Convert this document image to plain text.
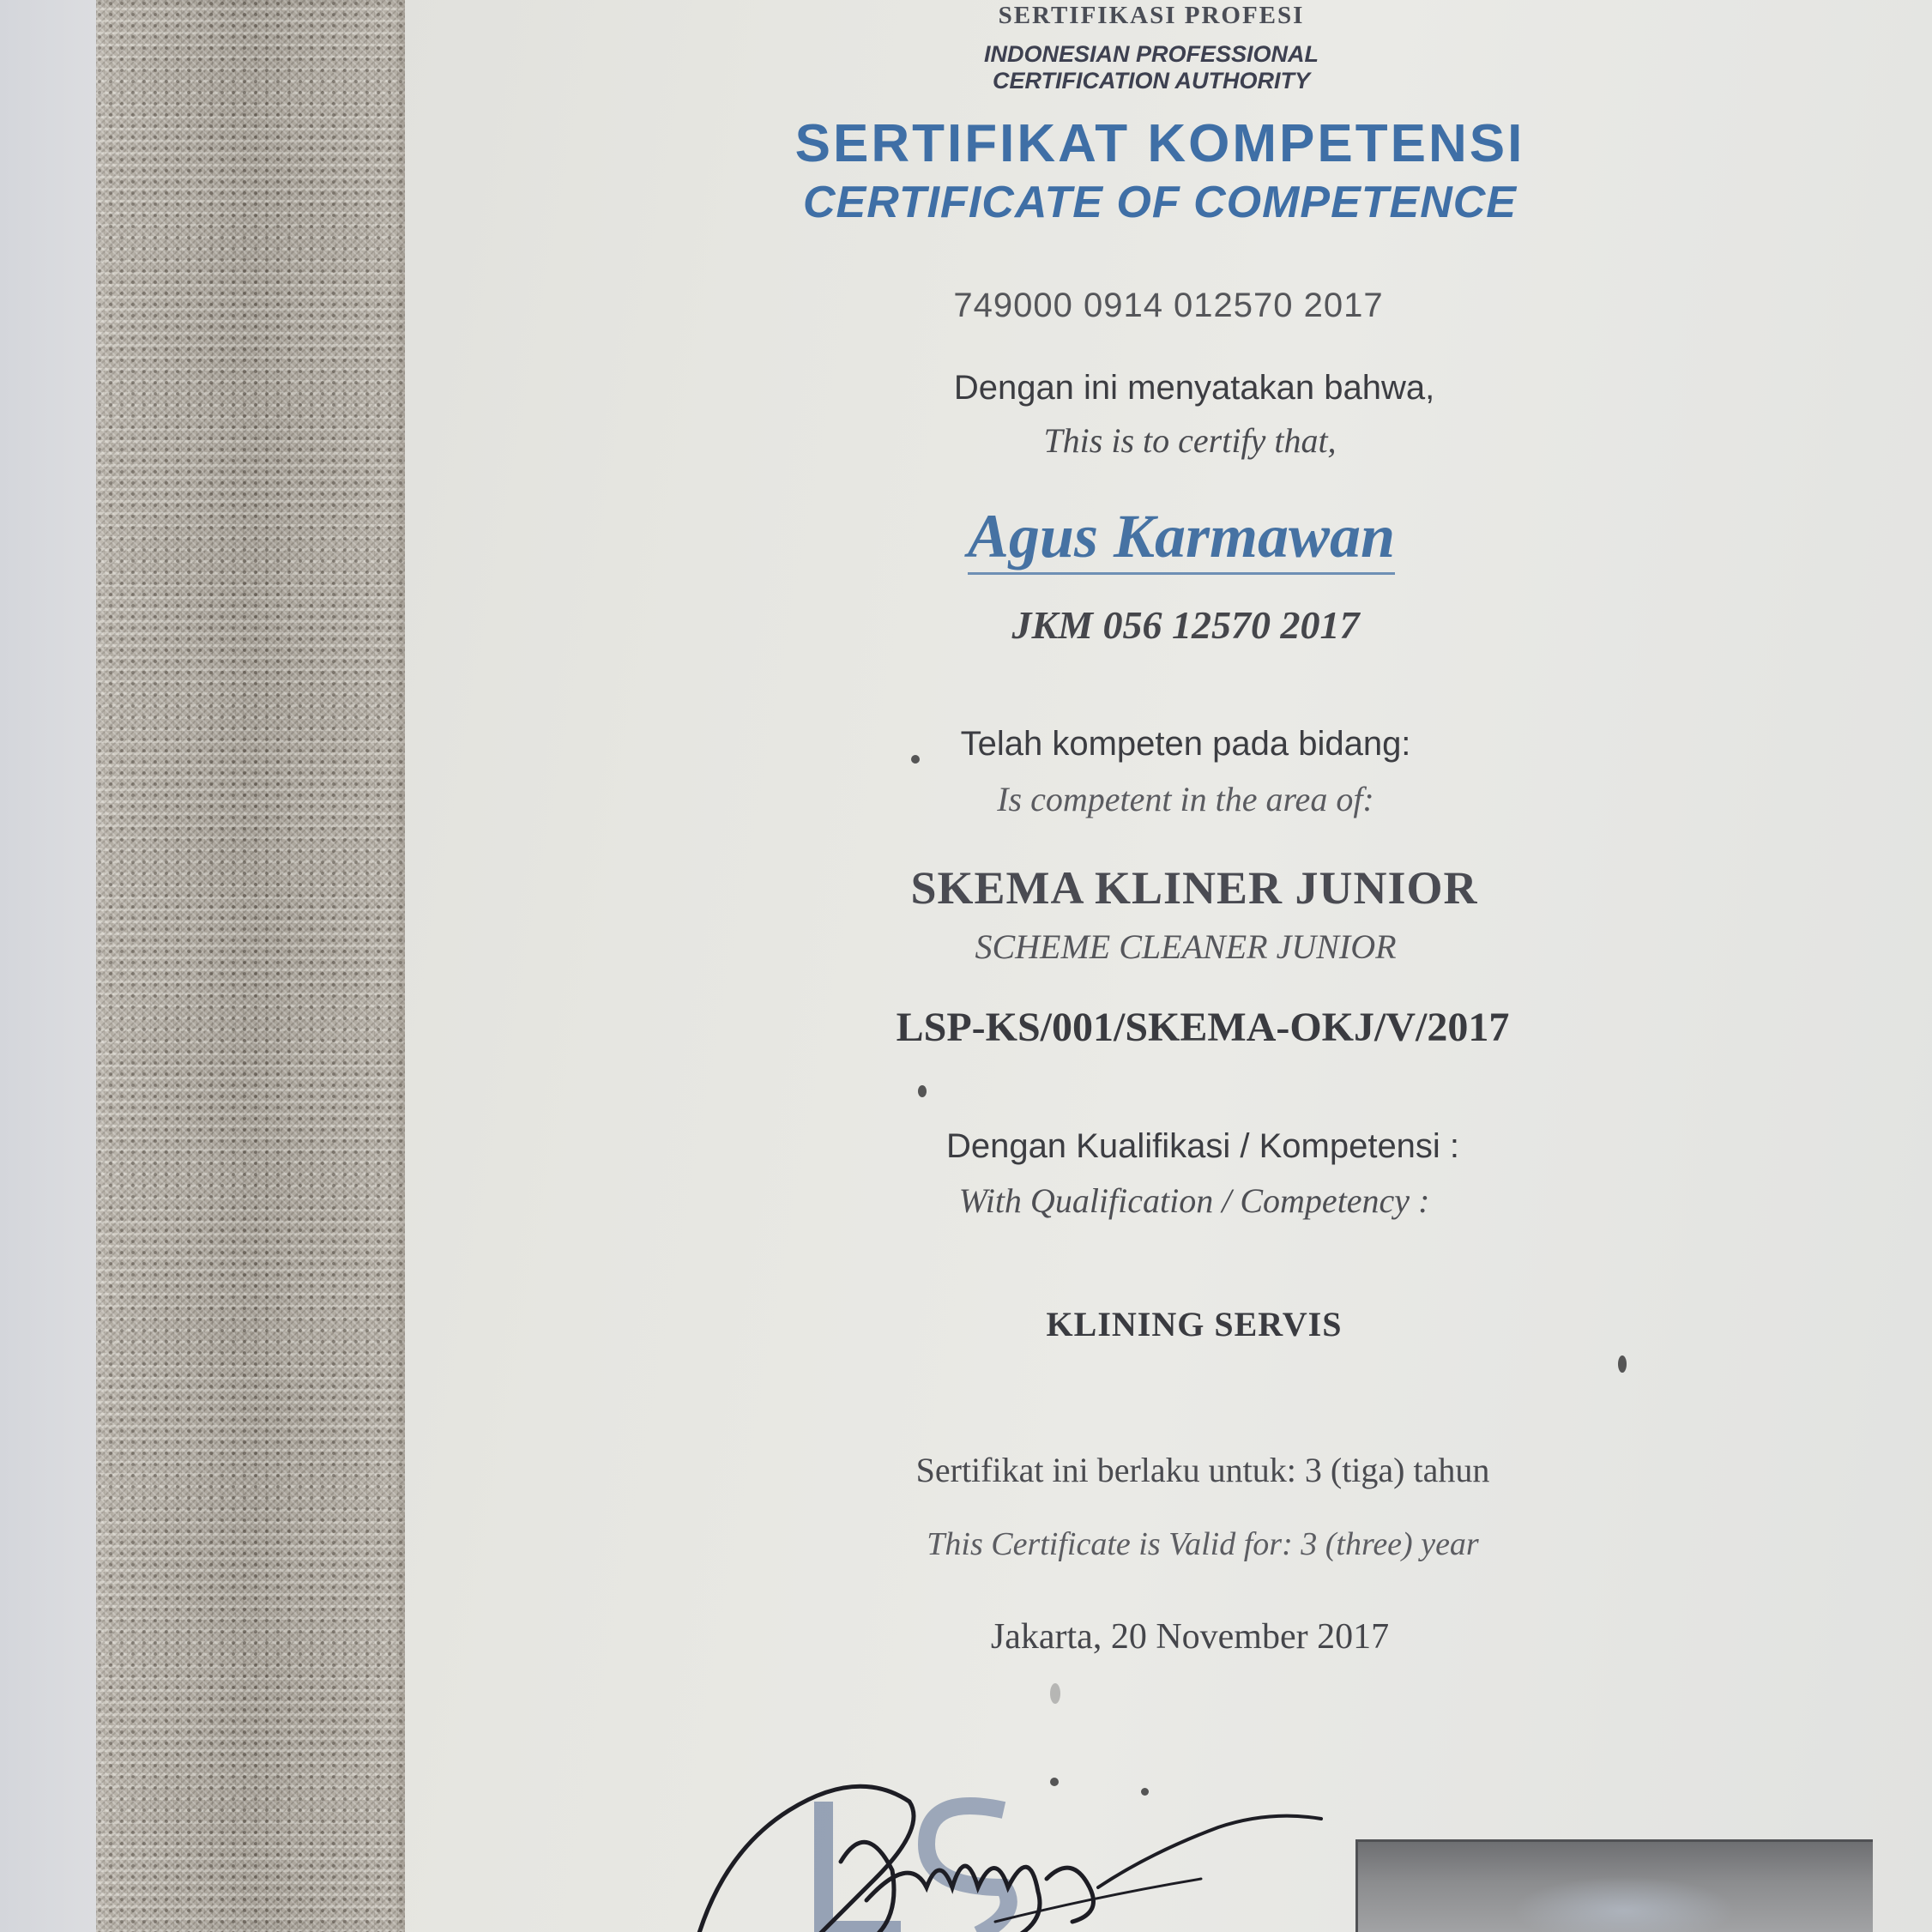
SERTIFIKASI PROFESI
INDONESIAN PROFESSIONAL
CERTIFICATION AUTHORITY
SERTIFIKAT KOMPETENSI
CERTIFICATE OF COMPETENCE
749000 0914 012570 2017
Dengan ini menyatakan bahwa,
This is to certify that,
Agus Karmawan
JKM 056 12570 2017
Telah kompeten pada bidang:
Is competent in the area of:
SKEMA KLINER JUNIOR
SCHEME CLEANER JUNIOR
LSP-KS/001/SKEMA-OKJ/V/2017
Dengan Kualifikasi / Kompetensi :
With Qualification / Competency :
KLINING SERVIS
Sertifikat ini berlaku untuk: 3 (tiga) tahun
This Certificate is Valid for: 3 (three) year
Jakarta, 20 November 2017
